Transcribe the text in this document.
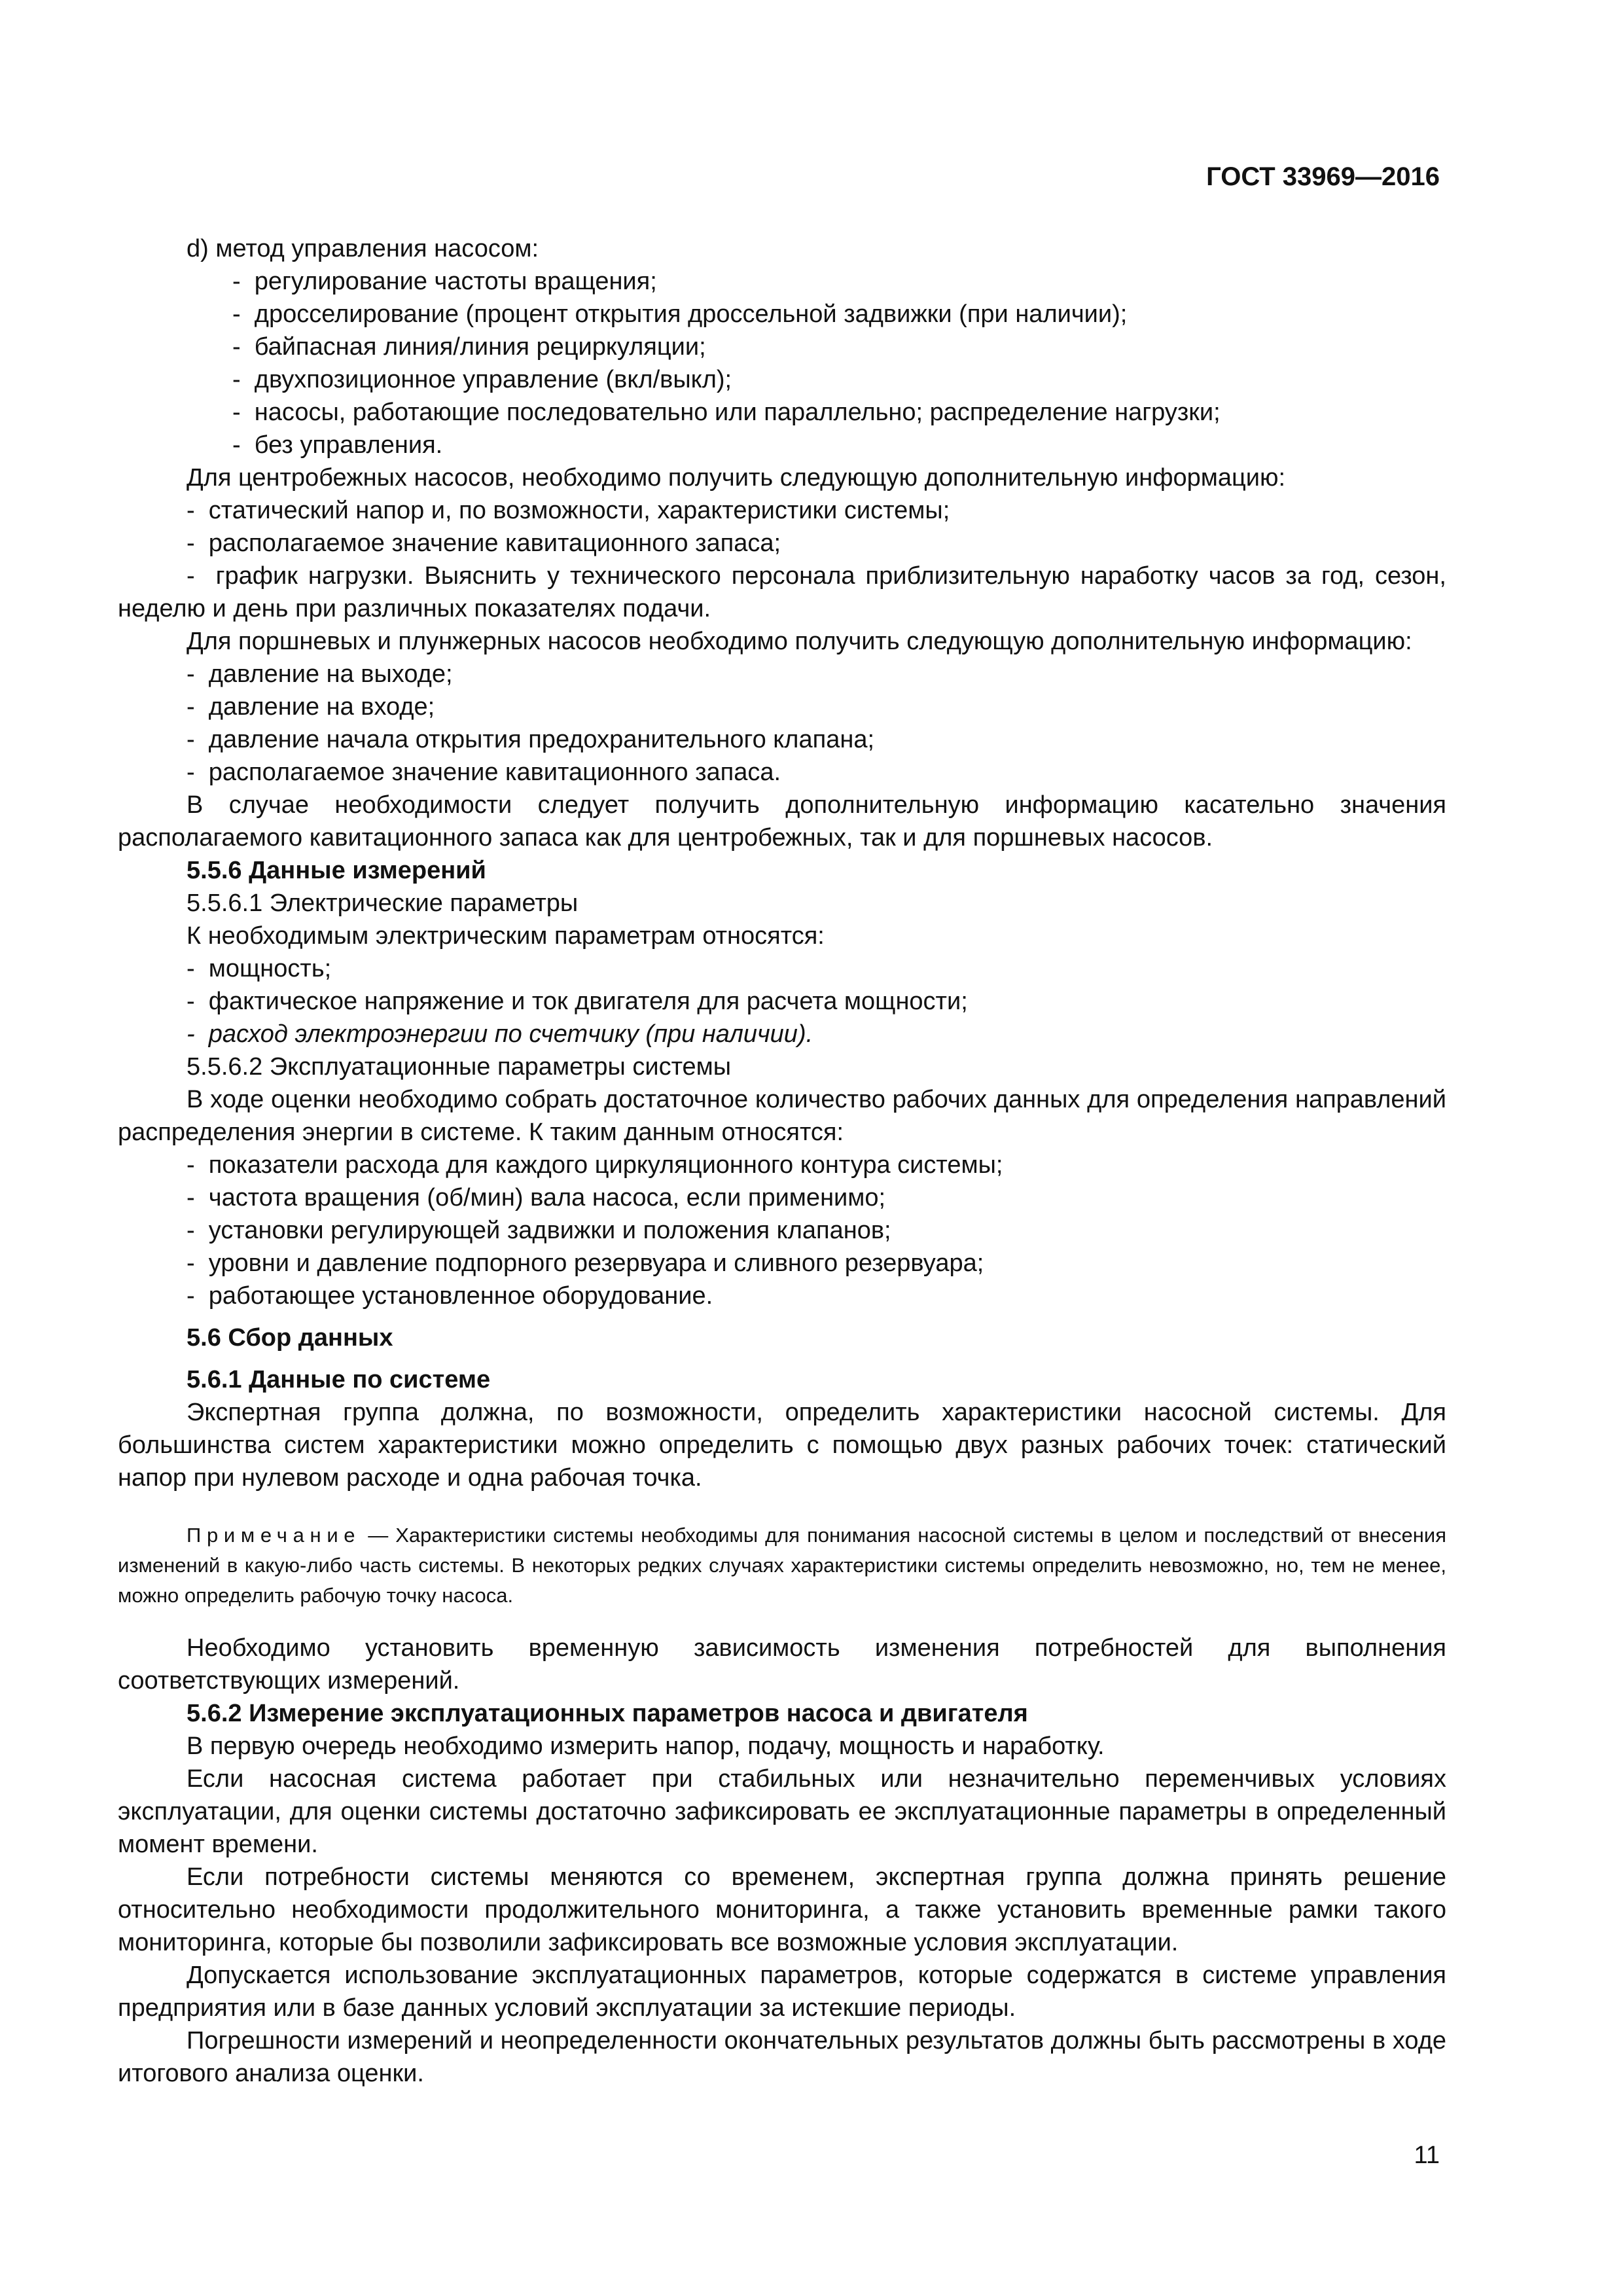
ГОСТ 33969—2016

d) метод управления насосом:

-  регулирование частоты вращения;

-  дросселирование (процент открытия дроссельной задвижки (при наличии);

-  байпасная линия/линия рециркуляции;

-  двухпозиционное управление (вкл/выкл);

-  насосы, работающие последовательно или параллельно; распределение нагрузки;

-  без управления.

Для центробежных насосов, необходимо получить следующую дополнительную информацию:

-  статический напор и, по возможности, характеристики системы;

-  располагаемое значение кавитационного запаса;

-  график нагрузки. Выяснить у технического персонала приблизительную наработку часов за год, сезон, неделю и день при различных показателях подачи.

Для поршневых и плунжерных насосов необходимо получить следующую дополнительную информацию:

-  давление на выходе;

-  давление на входе;

-  давление начала открытия предохранительного клапана;

-  располагаемое значение кавитационного запаса.

В случае необходимости следует получить дополнительную информацию касательно значения располагаемого кавитационного запаса как для центробежных, так и для поршневых насосов.

5.5.6 Данные измерений

5.5.6.1 Электрические параметры

К необходимым электрическим параметрам относятся:

-  мощность;

-  фактическое напряжение и ток двигателя для расчета мощности;

-  расход электроэнергии по счетчику (при наличии).

5.5.6.2 Эксплуатационные параметры системы

В ходе оценки необходимо собрать достаточное количество рабочих данных для определения направлений распределения энергии в системе. К таким данным относятся:

-  показатели расхода для каждого циркуляционного контура системы;

-  частота вращения (об/мин) вала насоса, если применимо;

-  установки регулирующей задвижки и положения клапанов;

-  уровни и давление подпорного резервуара и сливного резервуара;

-  работающее установленное оборудование.

5.6 Сбор данных

5.6.1 Данные по системе

Экспертная группа должна, по возможности, определить характеристики насосной системы. Для большинства систем характеристики можно определить с помощью двух разных рабочих точек: статический напор при нулевом расходе и одна рабочая точка.

Примечание — Характеристики системы необходимы для понимания насосной системы в целом и последствий от внесения изменений в какую-либо часть системы. В некоторых редких случаях характеристики системы определить невозможно, но, тем не менее, можно определить рабочую точку насоса.

Необходимо установить временную зависимость изменения потребностей для выполнения соответствующих измерений.

5.6.2 Измерение эксплуатационных параметров насоса и двигателя

В первую очередь необходимо измерить напор, подачу, мощность и наработку.

Если насосная система работает при стабильных или незначительно переменчивых условиях эксплуатации, для оценки системы достаточно зафиксировать ее эксплуатационные параметры в определенный момент времени.

Если потребности системы меняются со временем, экспертная группа должна принять решение относительно необходимости продолжительного мониторинга, а также установить временные рамки такого мониторинга, которые бы позволили зафиксировать все возможные условия эксплуатации.

Допускается использование эксплуатационных параметров, которые содержатся в системе управления предприятия или в базе данных условий эксплуатации за истекшие периоды.

Погрешности измерений и неопределенности окончательных результатов должны быть рассмотрены в ходе итогового анализа оценки.

11
